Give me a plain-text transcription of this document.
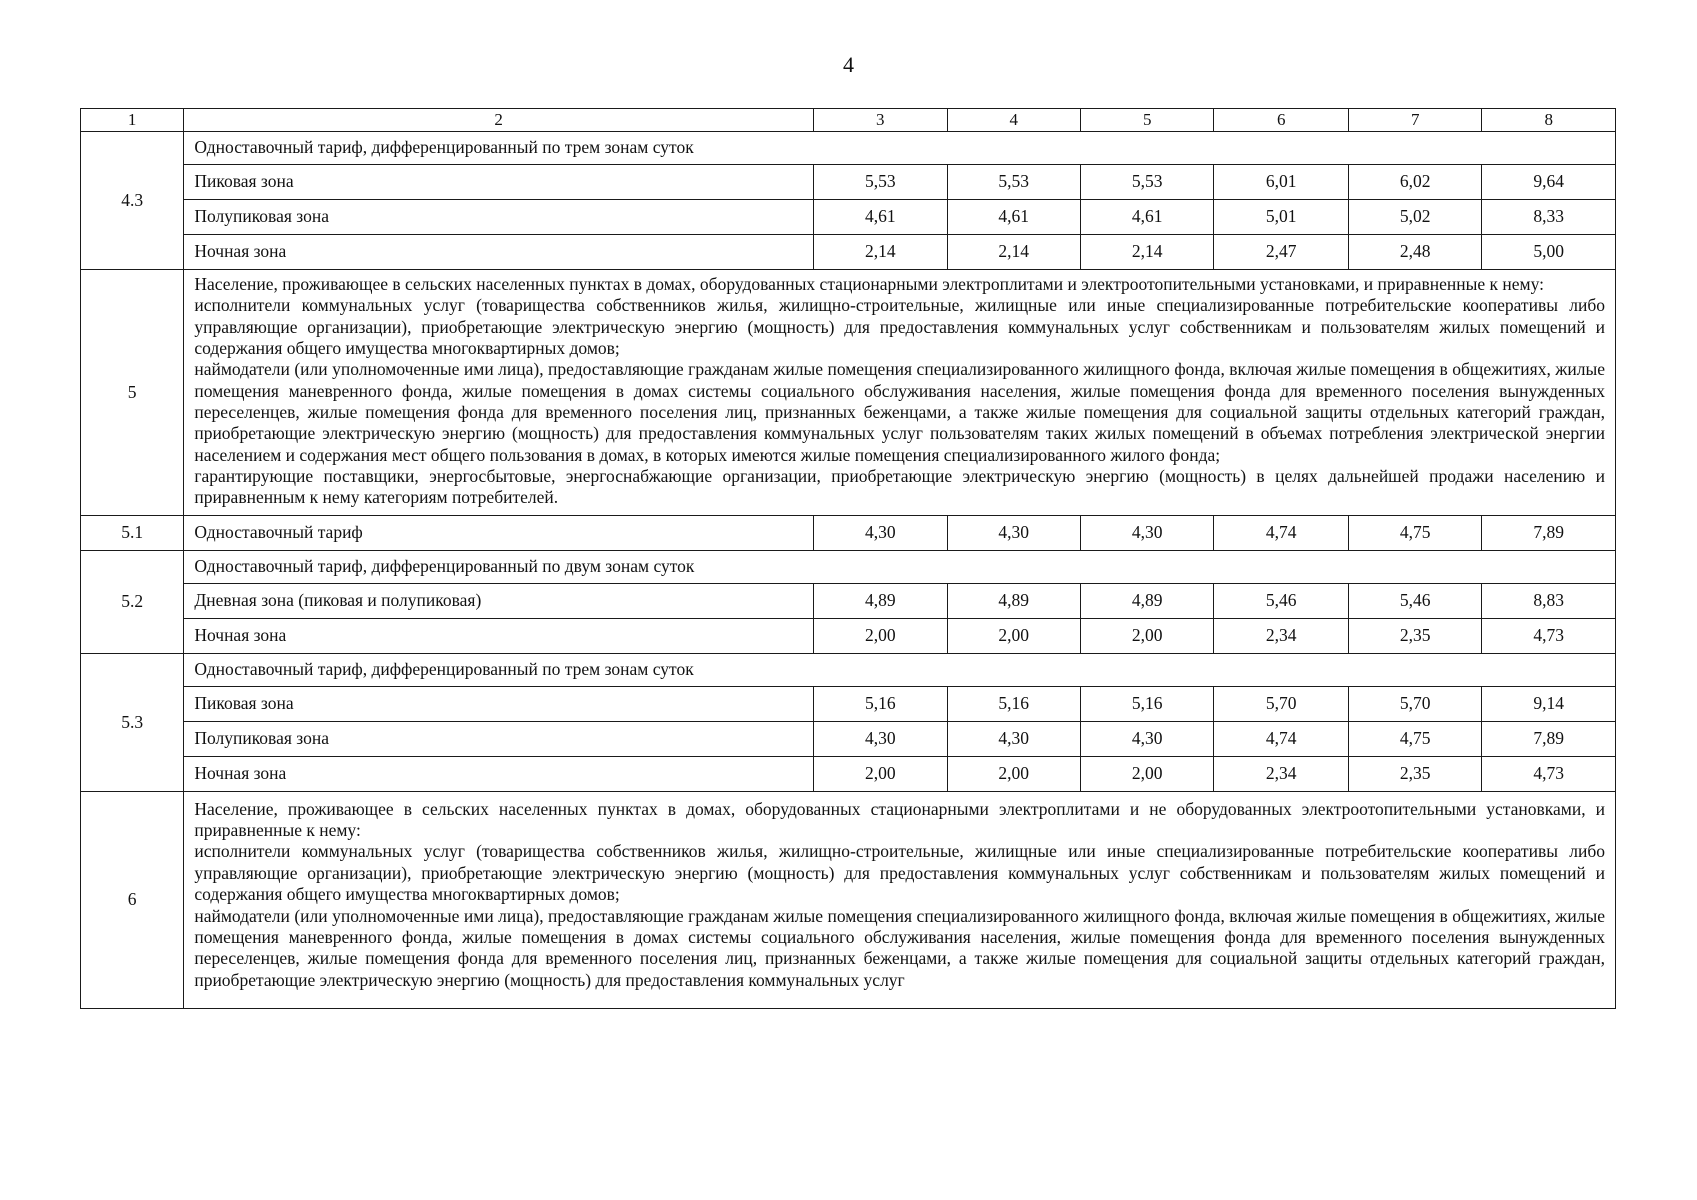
4
1	2	3	4	5	6	7	8
4.3	Одноставочный тариф, дифференцированный по трем зонам суток						
	Пиковая зона	5,53	5,53	5,53	6,01	6,02	9,64
	Полупиковая зона	4,61	4,61	4,61	5,01	5,02	8,33
	Ночная зона	2,14	2,14	2,14	2,47	2,48	5,00
5	Население, проживающее в сельских населенных пунктах в домах, оборудованных стационарными электроплитами и электроотопительными установками, и приравненные к нему:
исполнители коммунальных услуг (товарищества собственников жилья, жилищно-строительные, жилищные или иные специализированные потребительские кооперативы либо управляющие организации), приобретающие электрическую энергию (мощность) для предоставления коммунальных услуг собственникам и пользователям жилых помещений и содержания общего имущества многоквартирных домов;
наймодатели (или уполномоченные ими лица), предоставляющие гражданам жилые помещения специализированного жилищного фонда, включая жилые помещения в общежитиях, жилые помещения маневренного фонда, жилые помещения в домах системы социального обслуживания населения, жилые помещения фонда для временного поселения вынужденных переселенцев, жилые помещения фонда для временного поселения лиц, признанных беженцами, а также жилые помещения для социальной защиты отдельных категорий граждан, приобретающие электрическую энергию (мощность) для предоставления коммунальных услуг пользователям таких жилых помещений в объемах потребления электрической энергии населением и содержания мест общего пользования в домах, в которых имеются жилые помещения специализированного жилого фонда;
гарантирующие поставщики, энергосбытовые, энергоснабжающие организации, приобретающие электрическую энергию (мощность) в целях дальнейшей продажи населению и приравненным к нему категориям потребителей.						

5.1	Одноставочный тариф	4,30	4,30	4,30	4,74	4,75	7,89
5.2	Одноставочный тариф, дифференцированный по двум зонам суток						
	Дневная зона (пиковая и полупиковая)	4,89	4,89	4,89	5,46	5,46	8,83
	Ночная зона	2,00	2,00	2,00	2,34	2,35	4,73
5.3	Одноставочный тариф, дифференцированный по трем зонам суток						
	Пиковая зона	5,16	5,16	5,16	5,70	5,70	9,14
	Полупиковая зона	4,30	4,30	4,30	4,74	4,75	7,89
	Ночная зона	2,00	2,00	2,00	2,34	2,35	4,73
6	Население, проживающее в сельских населенных пунктах в домах, оборудованных стационарными электроплитами и не оборудованных электроотопительными установками, и приравненные к нему:
исполнители коммунальных услуг (товарищества собственников жилья, жилищно-строительные, жилищные или иные специализированные потребительские кооперативы либо управляющие организации), приобретающие электрическую энергию (мощность) для предоставления коммунальных услуг собственникам и пользователям жилых помещений и содержания общего имущества многоквартирных домов;
наймодатели (или уполномоченные ими лица), предоставляющие гражданам жилые помещения специализированного жилищного фонда, включая жилые помещения в общежитиях, жилые помещения маневренного фонда, жилые помещения в домах системы социального обслуживания населения, жилые помещения фонда для временного поселения вынужденных переселенцев, жилые помещения фонда для временного поселения лиц, признанных беженцами, а также жилые помещения для социальной защиты отдельных категорий граждан, приобретающие электрическую энергию (мощность) для предоставления коммунальных услуг						
